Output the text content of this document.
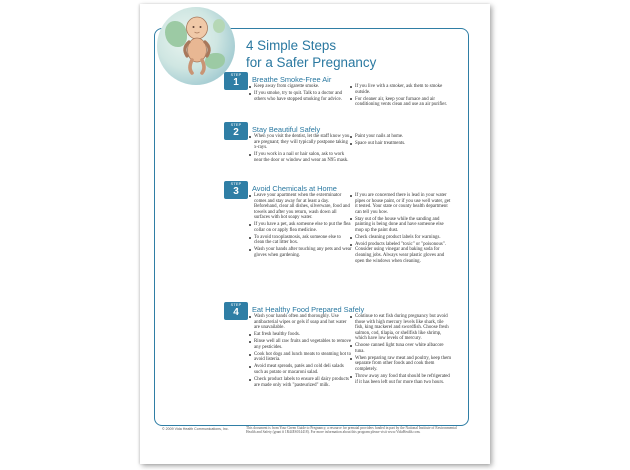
4 Simple Steps
for a Safer Pregnancy
STEP
1	Breathe Smoke-Free Air
Keep away from cigarette smoke.
If you smoke, try to quit. Talk to a doctor and others who have stopped smoking for advice.
If you live with a smoker, ask them to smoke outside.
For cleaner air, keep your furnace and air conditioning vents clean and use an air purifier.
STEP
2	Stay Beautiful Safely
When you visit the dentist, let the staff know you are pregnant; they will typically postpone taking x-rays.
If you work in a nail or hair salon, ask to work near the door or window and wear an N95 mask.
Paint your nails at home.
Space out hair treatments.
STEP
3	Avoid Chemicals at Home
Leave your apartment when the exterminator comes and stay away for at least a day. Beforehand, clear all dishes, silverware, food and towels and after you return, wash down all surfaces with hot soapy water.
If you have a pet, ask someone else to put the flea collar on or apply flea medicine.
To avoid toxoplasmosis, ask someone else to clean the cat litter box.
Wash your hands after touching any pets and wear gloves when gardening.
If you are concerned there is lead in your water pipes or house paint, or if you use well water, get it tested. Your state or county health department can tell you how.
Stay out of the house while the sanding and painting is being done and have someone else mop up the paint dust.
Check cleaning product labels for warnings.
Avoid products labeled "toxic" or "poisonous". Consider using vinegar and baking soda for cleaning jobs. Always wear plastic gloves and open the windows when cleaning.
STEP
4	Eat Healthy Food Prepared Safely
Wash your hands often and thoroughly. Use antibacterial wipes or gels if soap and hot water are unavailable.
Eat fresh healthy foods.
Rinse well all raw fruits and vegetables to remove any pesticides.
Cook hot dogs and lunch meats to steaming hot to avoid listeria.
Avoid meat spreads, patés and cold deli salads such as potato or macaroni salad.
Check product labels to ensure all dairy products are made only with "pasteurized" milk.
Continue to eat fish during pregnancy but avoid those with high mercury levels like shark, tile fish, king mackerel and swordfish. Choose fresh salmon, cod, tilapia, or shellfish like shrimp, which have low levels of mercury.
Choose canned light tuna over white albacore tuna.
When preparing raw meat and poultry, keep them separate from other foods and cook them completely.
Throw away any food that should be refrigerated if it has been left out for more than two hours.
© 2009 Vida Health Communications, Inc.	This document is from Your Green Guide to Pregnancy, a resource for prenatal providers funded in part by the National Institute of Environmental Health and Safety (grant # 1R44ES014418). For more information about this program please visit www.VidaHealth.com.
